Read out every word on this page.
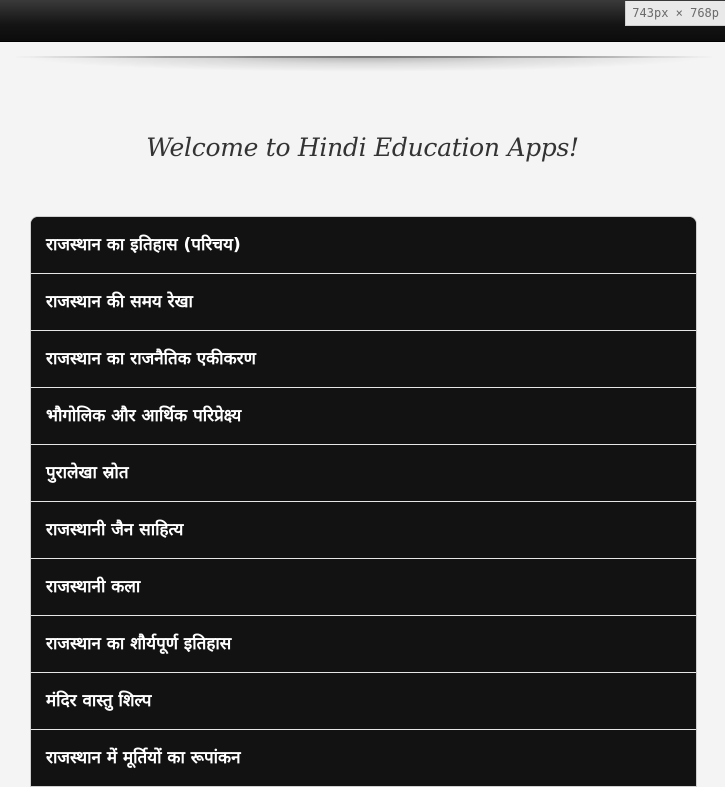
743px × 768p
Welcome to Hindi Education Apps!
राजस्थान का इतिहास (परिचय)
राजस्थान की समय रेखा
राजस्थान का राजनैतिक एकीकरण
भौगोलिक और आर्थिक परिप्रेक्ष्य
पुरालेखा स्रोत
राजस्थानी जैन साहित्य
राजस्थानी कला
राजस्थान का शौर्यपूर्ण इतिहास
मंदिर वास्तु शिल्प
राजस्थान में मूर्तियों का रूपांकन
